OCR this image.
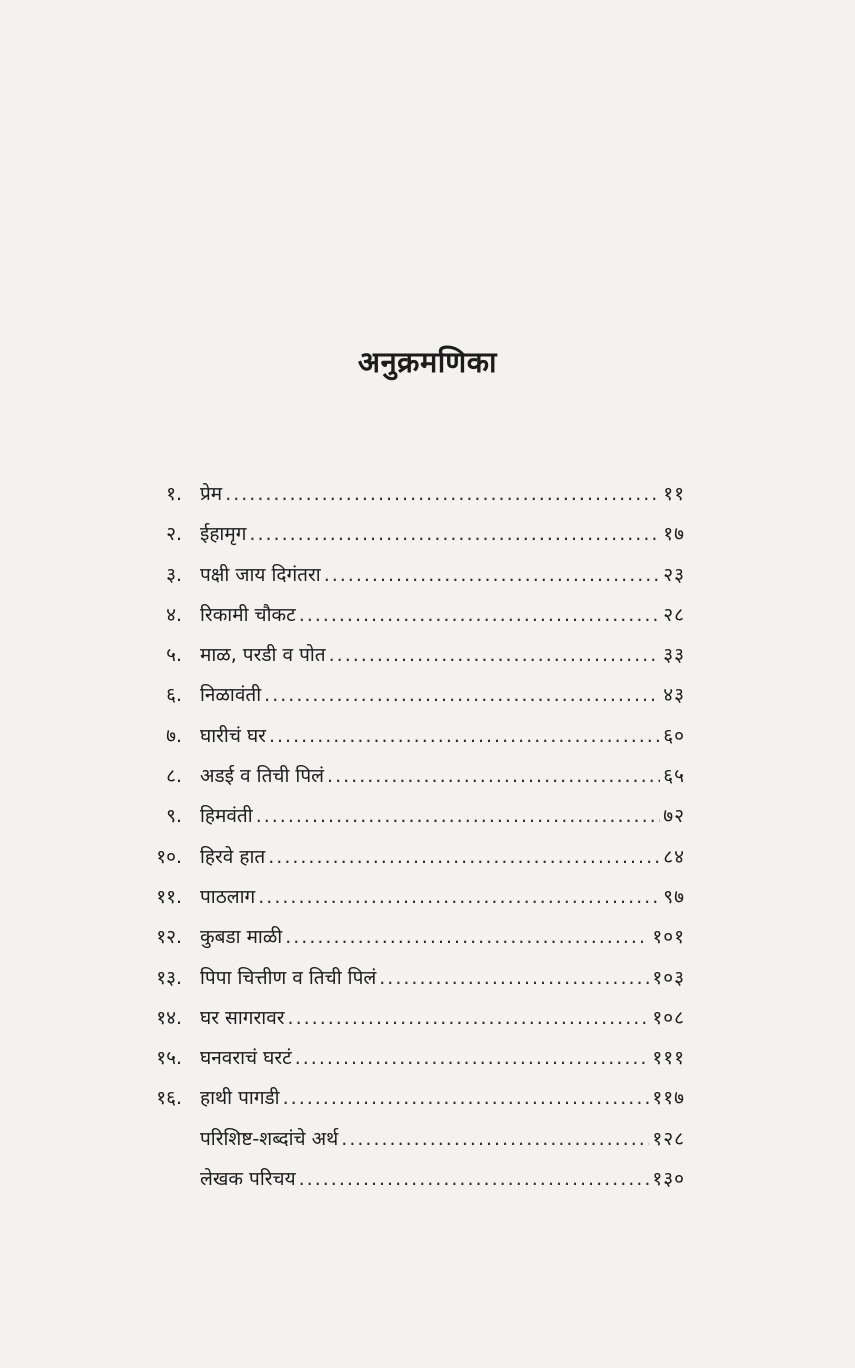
अनुक्रमणिका
१. प्रेम .....	११
२. ईहामृग .....	१७
३. पक्षी जाय दिगंतरा .....	२३
४. रिकामी चौकट .....	२८
५. माळ, परडी व पोत .....	३३
६. निळावंती .....	४३
७. घारीचं घर .....	६०
८. अडई व तिची पिलं .....	६५
९. हिमवंती .....	७२
१०. हिरवे हात .....	८४
११. पाठलाग .....	९७
१२. कुबडा माळी .....	१०१
१३. पिपा चित्तीण व तिची पिलं .....	१०३
१४. घर सागरावर .....	१०८
१५. घनवराचं घरटं .....	१११
१६. हाथी पागडी .....	११७
परिशिष्ट-शब्दांचे अर्थ .....	१२८
लेखक परिचय .....	१३०
